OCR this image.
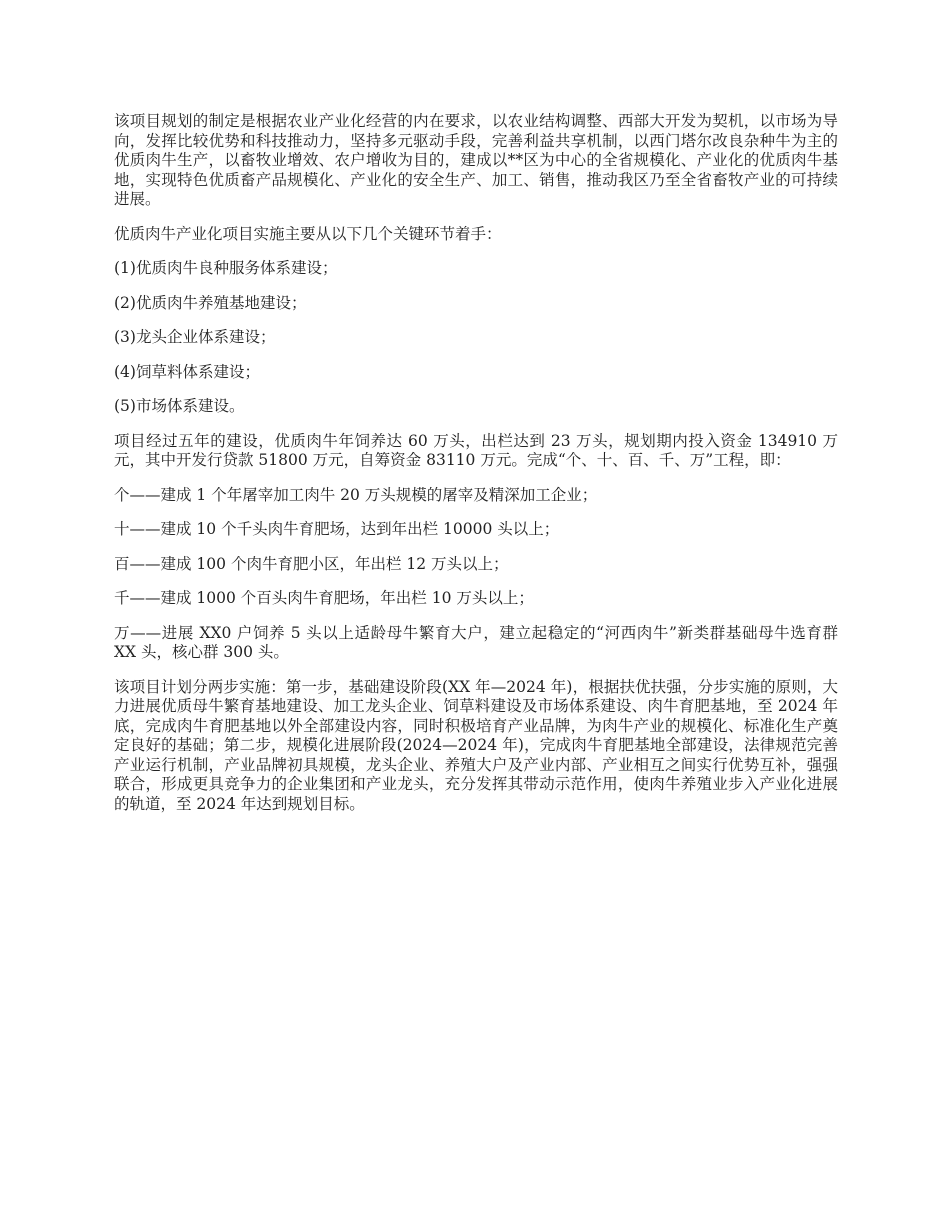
该项目规划的制定是根据农业产业化经营的内在要求，以农业结构调整、西部大开发为契机，以市场为导向，发挥比较优势和科技推动力，坚持多元驱动手段，完善利益共享机制，以西门塔尔改良杂种牛为主的优质肉牛生产，以畜牧业增效、农户增收为目的，建成以**区为中心的全省规模化、产业化的优质肉牛基地，实现特色优质畜产品规模化、产业化的安全生产、加工、销售，推动我区乃至全省畜牧产业的可持续进展。

优质肉牛产业化项目实施主要从以下几个关键环节着手：

(1)优质肉牛良种服务体系建设；

(2)优质肉牛养殖基地建设；

(3)龙头企业体系建设；

(4)饲草料体系建设；

(5)市场体系建设。

项目经过五年的建设，优质肉牛年饲养达 60 万头，出栏达到 23 万头，规划期内投入资金 134910 万元，其中开发行贷款 51800 万元，自筹资金 83110 万元。完成“个、十、百、千、万”工程，即：

个——建成 1 个年屠宰加工肉牛 20 万头规模的屠宰及精深加工企业；

十——建成 10 个千头肉牛育肥场，达到年出栏 10000 头以上；

百——建成 100 个肉牛育肥小区，年出栏 12 万头以上；

千——建成 1000 个百头肉牛育肥场，年出栏 10 万头以上；

万——进展 XX0 户饲养 5 头以上适龄母牛繁育大户，建立起稳定的“河西肉牛”新类群基础母牛选育群 XX 头，核心群 300 头。

该项目计划分两步实施：第一步，基础建设阶段(XX 年—2024 年)，根据扶优扶强，分步实施的原则，大力进展优质母牛繁育基地建设、加工龙头企业、饲草料建设及市场体系建设、肉牛育肥基地，至 2024 年底，完成肉牛育肥基地以外全部建设内容，同时积极培育产业品牌，为肉牛产业的规模化、标准化生产奠定良好的基础；第二步，规模化进展阶段(2024—2024 年)，完成肉牛育肥基地全部建设，法律规范完善产业运行机制，产业品牌初具规模，龙头企业、养殖大户及产业内部、产业相互之间实行优势互补，强强联合，形成更具竞争力的企业集团和产业龙头，充分发挥其带动示范作用，使肉牛养殖业步入产业化进展的轨道，至 2024 年达到规划目标。
